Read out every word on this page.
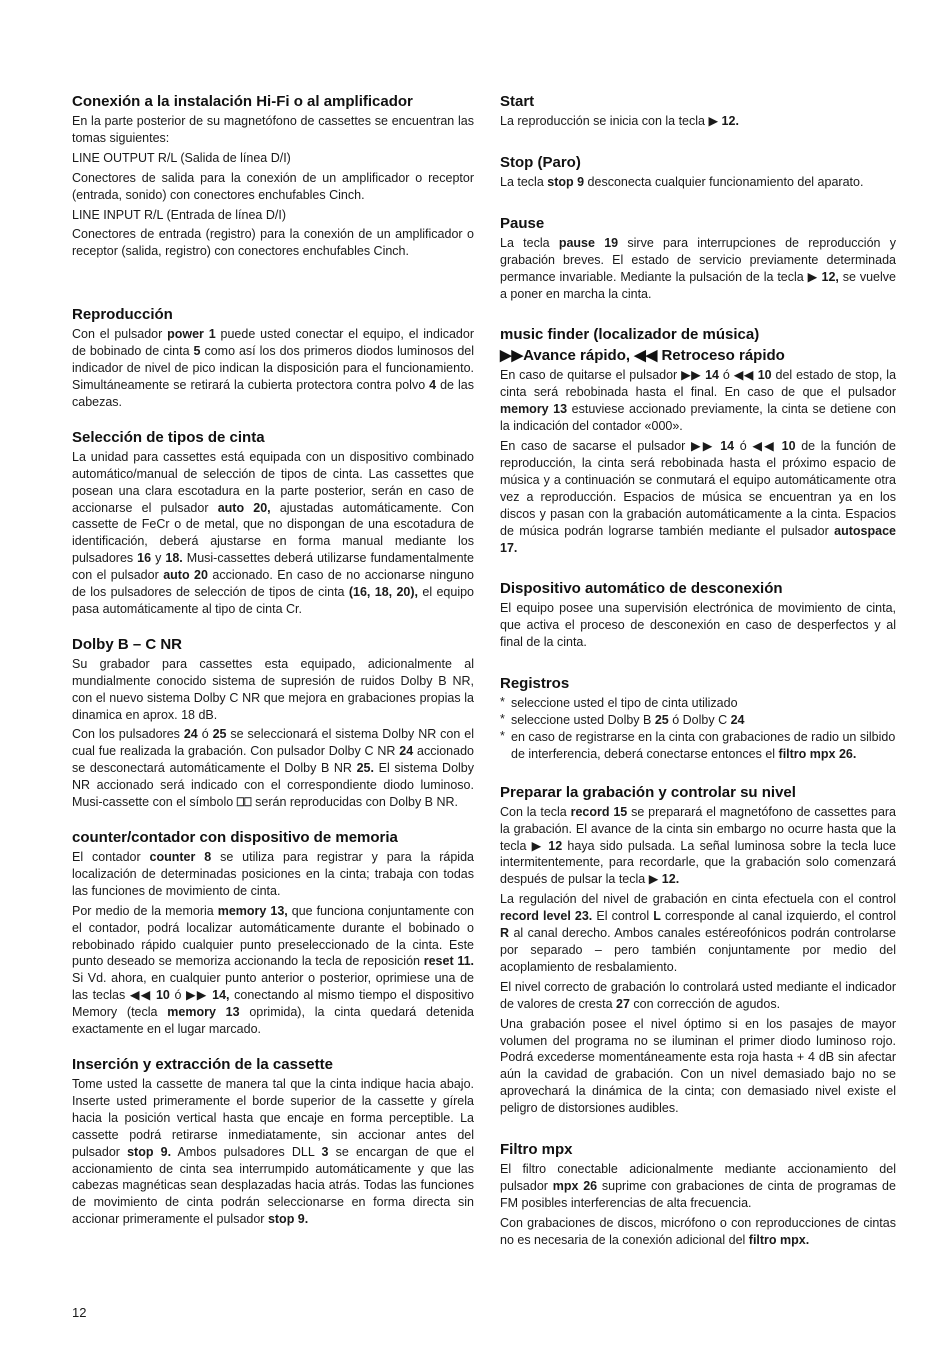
Conexión a la instalación Hi-Fi o al amplificador

En la parte posterior de su magnetófono de cassettes se encuentran las tomas siguientes:

LINE OUTPUT R/L (Salida de línea D/I)

Conectores de salida para la conexión de un amplificador o receptor (entrada, sonido) con conectores enchufables Cinch.

LINE INPUT R/L (Entrada de línea D/I)

Conectores de entrada (registro) para la conexión de un amplificador o receptor (salida, registro) con conectores enchufables Cinch.

Reproducción

Con el pulsador power 1 puede usted conectar el equipo, el indicador de bobinado de cinta 5 como así los dos primeros diodos luminosos del indicador de nivel de pico indican la disposición para el funcionamiento. Simultáneamente se retirará la cubierta protectora contra polvo 4 de las cabezas.

Selección de tipos de cinta

La unidad para cassettes está equipada con un dispositivo combinado automático/manual de selección de tipos de cinta. Las cassettes que posean una clara escotadura en la parte posterior, serán en caso de accionarse el pulsador auto 20, ajustadas automáticamente. Con cassette de FeCr o de metal, que no dispongan de una escotadura de identificación, deberá ajustarse en forma manual mediante los pulsadores 16 y 18. Musi-cassettes deberá utilizarse fundamentalmente con el pulsador auto 20 accionado. En caso de no accionarse ninguno de los pulsadores de selección de tipos de cinta (16, 18, 20), el equipo pasa automáticamente al tipo de cinta Cr.

Dolby B – C NR

Su grabador para cassettes esta equipado, adicionalmente al mundialmente conocido sistema de supresión de ruidos Dolby B NR, con el nuevo sistema Dolby C NR que mejora en grabaciones propias la dinamica en aprox. 18 dB.

Con los pulsadores 24 ó 25 se seleccionará el sistema Dolby NR con el cual fue realizada la grabación. Con pulsador Dolby C NR 24 accionado se desconectará automáticamente el Dolby B NR 25. El sistema Dolby NR accionado será indicado con el correspondiente diodo luminoso. Musi-cassette con el símbolo ⎕⎕ serán reproducidas con Dolby B NR.

counter/contador con dispositivo de memoria

El contador counter 8 se utiliza para registrar y para la rápida localización de determinadas posiciones en la cinta; trabaja con todas las funciones de movimiento de cinta.

Por medio de la memoria memory 13, que funciona conjuntamente con el contador, podrá localizar automáticamente durante el bobinado o rebobinado rápido cualquier punto preseleccionado de la cinta. Este punto deseado se memoriza accionando la tecla de reposición reset 11. Si Vd. ahora, en cualquier punto anterior o posterior, oprimiese una de las teclas ◀◀ 10 ó ▶▶ 14, conectando al mismo tiempo el dispositivo Memory (tecla memory 13 oprimida), la cinta quedará detenida exactamente en el lugar marcado.

Inserción y extracción de la cassette

Tome usted la cassette de manera tal que la cinta indique hacia abajo. Inserte usted primeramente el borde superior de la cassette y gírela hacia la posición vertical hasta que encaje en forma perceptible. La cassette podrá retirarse inmediatamente, sin accionar antes del pulsador stop 9. Ambos pulsadores DLL 3 se encargan de que el accionamiento de cinta sea interrumpido automáticamente y que las cabezas magnéticas sean desplazadas hacia atrás. Todas las funciones de movimiento de cinta podrán seleccionarse en forma directa sin accionar primeramente el pulsador stop 9.

Start

La reproducción se inicia con la tecla ▶ 12.

Stop (Paro)

La tecla stop 9 desconecta cualquier funcionamiento del aparato.

Pause

La tecla pause 19 sirve para interrupciones de reproducción y grabación breves. El estado de servicio previamente determinada permance invariable. Mediante la pulsación de la tecla ▶ 12, se vuelve a poner en marcha la cinta.

music finder (localizador de música)
▶▶Avance rápido, ◀◀ Retroceso rápido

En caso de quitarse el pulsador ▶▶ 14 ó ◀◀ 10 del estado de stop, la cinta será rebobinada hasta el final. En caso de que el pulsador memory 13 estuviese accionado previamente, la cinta se detiene con la indicación del contador «000».

En caso de sacarse el pulsador ▶▶ 14 ó ◀◀ 10 de la función de reproducción, la cinta será rebobinada hasta el próximo espacio de música y a continuación se conmutará el equipo automáticamente otra vez a reproducción. Espacios de música se encuentran ya en los discos y pasan con la grabación automáticamente a la cinta. Espacios de música podrán lograrse también mediante el pulsador autospace 17.

Dispositivo automático de desconexión

El equipo posee una supervisión electrónica de movimiento de cinta, que activa el proceso de desconexión en caso de desperfectos y al final de la cinta.

Registros
* seleccione usted el tipo de cinta utilizado
* seleccione usted Dolby B 25 ó Dolby C 24
* en caso de registrarse en la cinta con grabaciones de radio un silbido de interferencia, deberá conectarse entonces el filtro mpx 26.
Preparar la grabación y controlar su nivel

Con la tecla record 15 se preparará el magnetófono de cassettes para la grabación. El avance de la cinta sin embargo no ocurre hasta que la tecla ▶ 12 haya sido pulsada. La señal luminosa sobre la tecla luce intermitentemente, para recordarle, que la grabación solo comenzará después de pulsar la tecla ▶ 12.

La regulación del nivel de grabación en cinta efectuela con el control record level 23. El control L corresponde al canal izquierdo, el control R al canal derecho. Ambos canales estéreofónicos podrán controlarse por separado – pero también conjuntamente por medio del acoplamiento de resbalamiento.

El nivel correcto de grabación lo controlará usted mediante el indicador de valores de cresta 27 con corrección de agudos.

Una grabación posee el nivel óptimo si en los pasajes de mayor volumen del programa no se iluminan el primer diodo luminoso rojo. Podrá excederse momentáneamente esta roja hasta + 4 dB sin afectar aún la cavidad de grabación. Con un nivel demasiado bajo no se aprovechará la dinámica de la cinta; con demasiado nivel existe el peligro de distorsiones audibles.

Filtro mpx

El filtro conectable adicionalmente mediante accionamiento del pulsador mpx 26 suprime con grabaciones de cinta de programas de FM posibles interferencias de alta frecuencia.

Con grabaciones de discos, micrófono o con reproducciones de cintas no es necesaria de la conexión adicional del filtro mpx.

12
